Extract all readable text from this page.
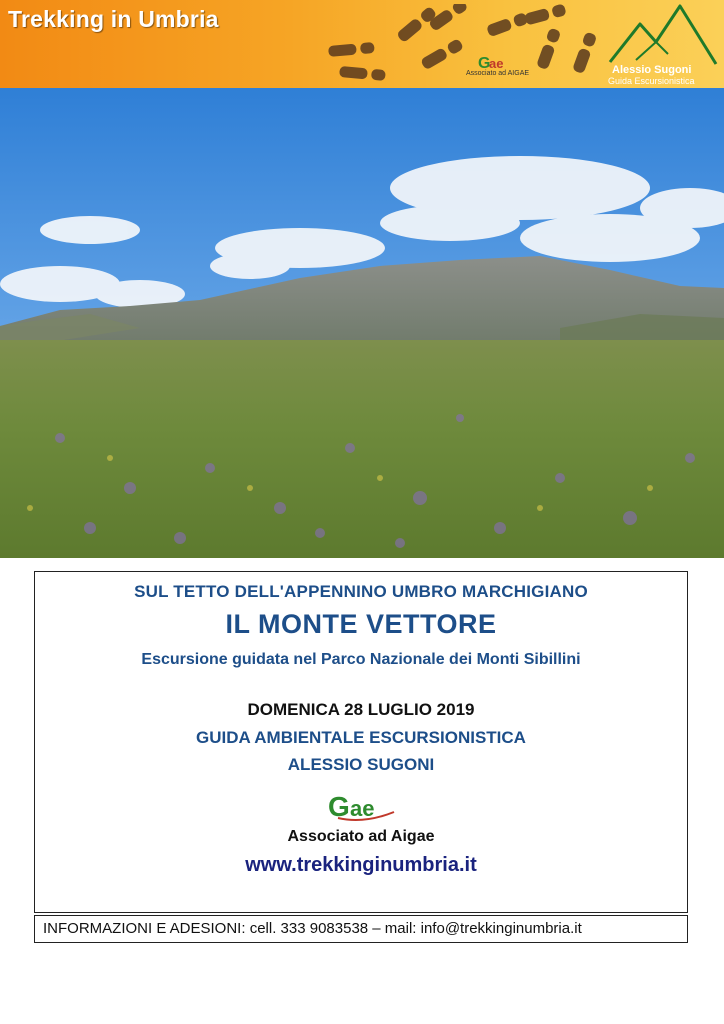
Trekking in Umbria
G
ae
Associato ad AIGAE	Alessio Sugoni
Guida Escursionistica
SUL TETTO DELL'APPENNINO UMBRO MARCHIGIANO
IL MONTE VETTORE
Escursione guidata nel Parco Nazionale dei Monti Sibillini
DOMENICA 28 LUGLIO 2019
GUIDA AMBIENTALE ESCURSIONISTICA
ALESSIO SUGONI
G ae
Associato ad Aigae
www.trekkinginumbria.it
INFORMAZIONI E ADESIONI: cell. 333 9083538 – mail: info@trekkinginumbria.it
